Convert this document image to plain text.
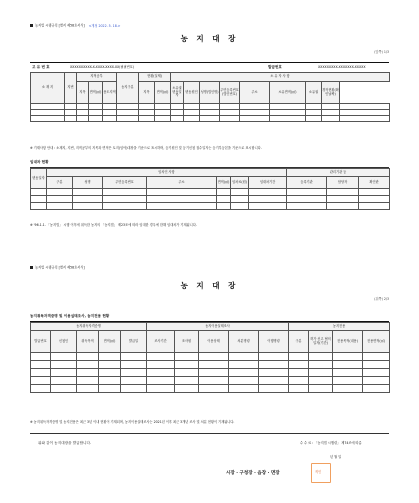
농지법 시행규칙 [별지 제58호서식] <개정 2022. 5. 18.>
농 지 대 장
(앞쪽) 1/3
고 유 번 호	XXXXXXXXXX-X-XXXX-XXXX-XX(필필번호)	발급번호	XXXXXXXXX-XXXXXXX-XXXXX
소 재 지	지번	지적공부			농지구분	현황(실제)		소 유 자 사 항								
		지목	면적(㎡)	용도지역		지목	면적(㎡)	소유권변동일자	변동원인	성명(법인명)	주민등록번호(법인번호)	주소	소유면적(㎡)	소유권	경작현황(확인날짜)	

※ 기재사항 안내 : 소재지, 지번, 지적공부의 지목과 면적은 토지(임야)대장을 기준으로 표시하며, 등기원인 및 등기신청 접수일자는 등기부등본을 기준으로 표시합니다.
임대차 현황
변동일자	임차인 사항							관리기관 등		
	구분	성명	주민등록번호	주소	면적(㎡)	임차료(원)	임대차기간	등록기관	담당자	확인란

※ '96.1.1. 「농지법」 시행 이후에 취득한 농지의 「농지법」 제23조에 따라 임대한 경우에 한해 임대차가 기재됩니다.
농지법 시행규칙 [별지 제58호서식]
농 지 대 장
(뒤쪽) 2/3
농지취득자격증명 및 이용실태조사, 농지전용 현황
농지취득자격증명					농지이용실태조사					농지전용			
발급번호	신청인	취득목적	면적(㎡)	발급일	조사기간	조사원	이용상태	처분명령	이행명령	구분	허가 신고 협의일자(기간)	전용목적(내용)	전용면적(㎡)

※ 농지취득자격증명 및 농지전용은 최근 3년 이내 현황이 기재되며, 농지이용실태조사는 2021년 이후 최근 3개년 조사 및 처분 현황이 기재됩니다.
위와 같이 농지대장을 발급합니다.	수 수 료 : 「농지법 시행령」 제74조에 따름
년 월 일
시장 · 구청장 · 읍장 · 면장	직인
